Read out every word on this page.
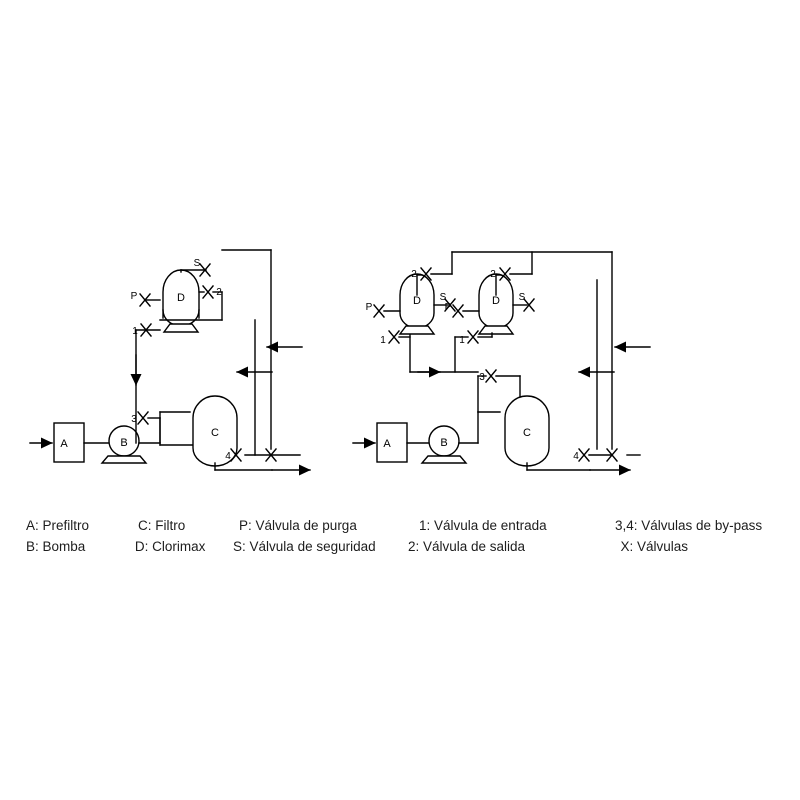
A	B
C
D
P
S
2
1
3
4
A	B
C
D	D
P	P
S	S
2	2
1	1
3
4
A: Prefiltro	C: Filtro	P: Válvula de purga	1: Válvula de entrada	3,4: Válvulas de by-pass
B: Bomba	D: Clorimax	S: Válvula de seguridad	2: Válvula de salida	X: Válvulas
